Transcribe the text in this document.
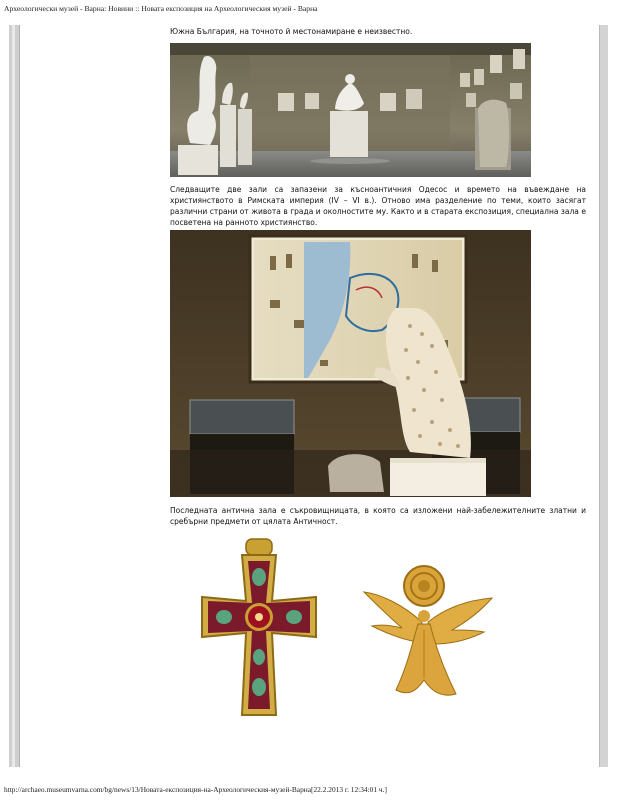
Археологически музей - Варна: Новини :: Новата експозиция на Археологическия музей - Варна

Южна България, на точното й местонамиране е неизвестно.

Следващите две зали са запазени за късноантичния Одесос и времето на въвеждане на християнството в Римската империя (IV – VI в.). Отново има разделение по теми, които засягат различни страни от живота в града и околностите му. Както и в старата експозиция, специална зала е посветена на ранното християнство.

Последната антична зала е съкровищницата, в която са изложени най-забележителните златни и сребърни предмети от цялата Античност.

http://archaeo.museumvarna.com/bg/news/13/Новата-експозиция-на-Археологическия-музей-Варна[22.2.2013 г. 12:34:01 ч.]
